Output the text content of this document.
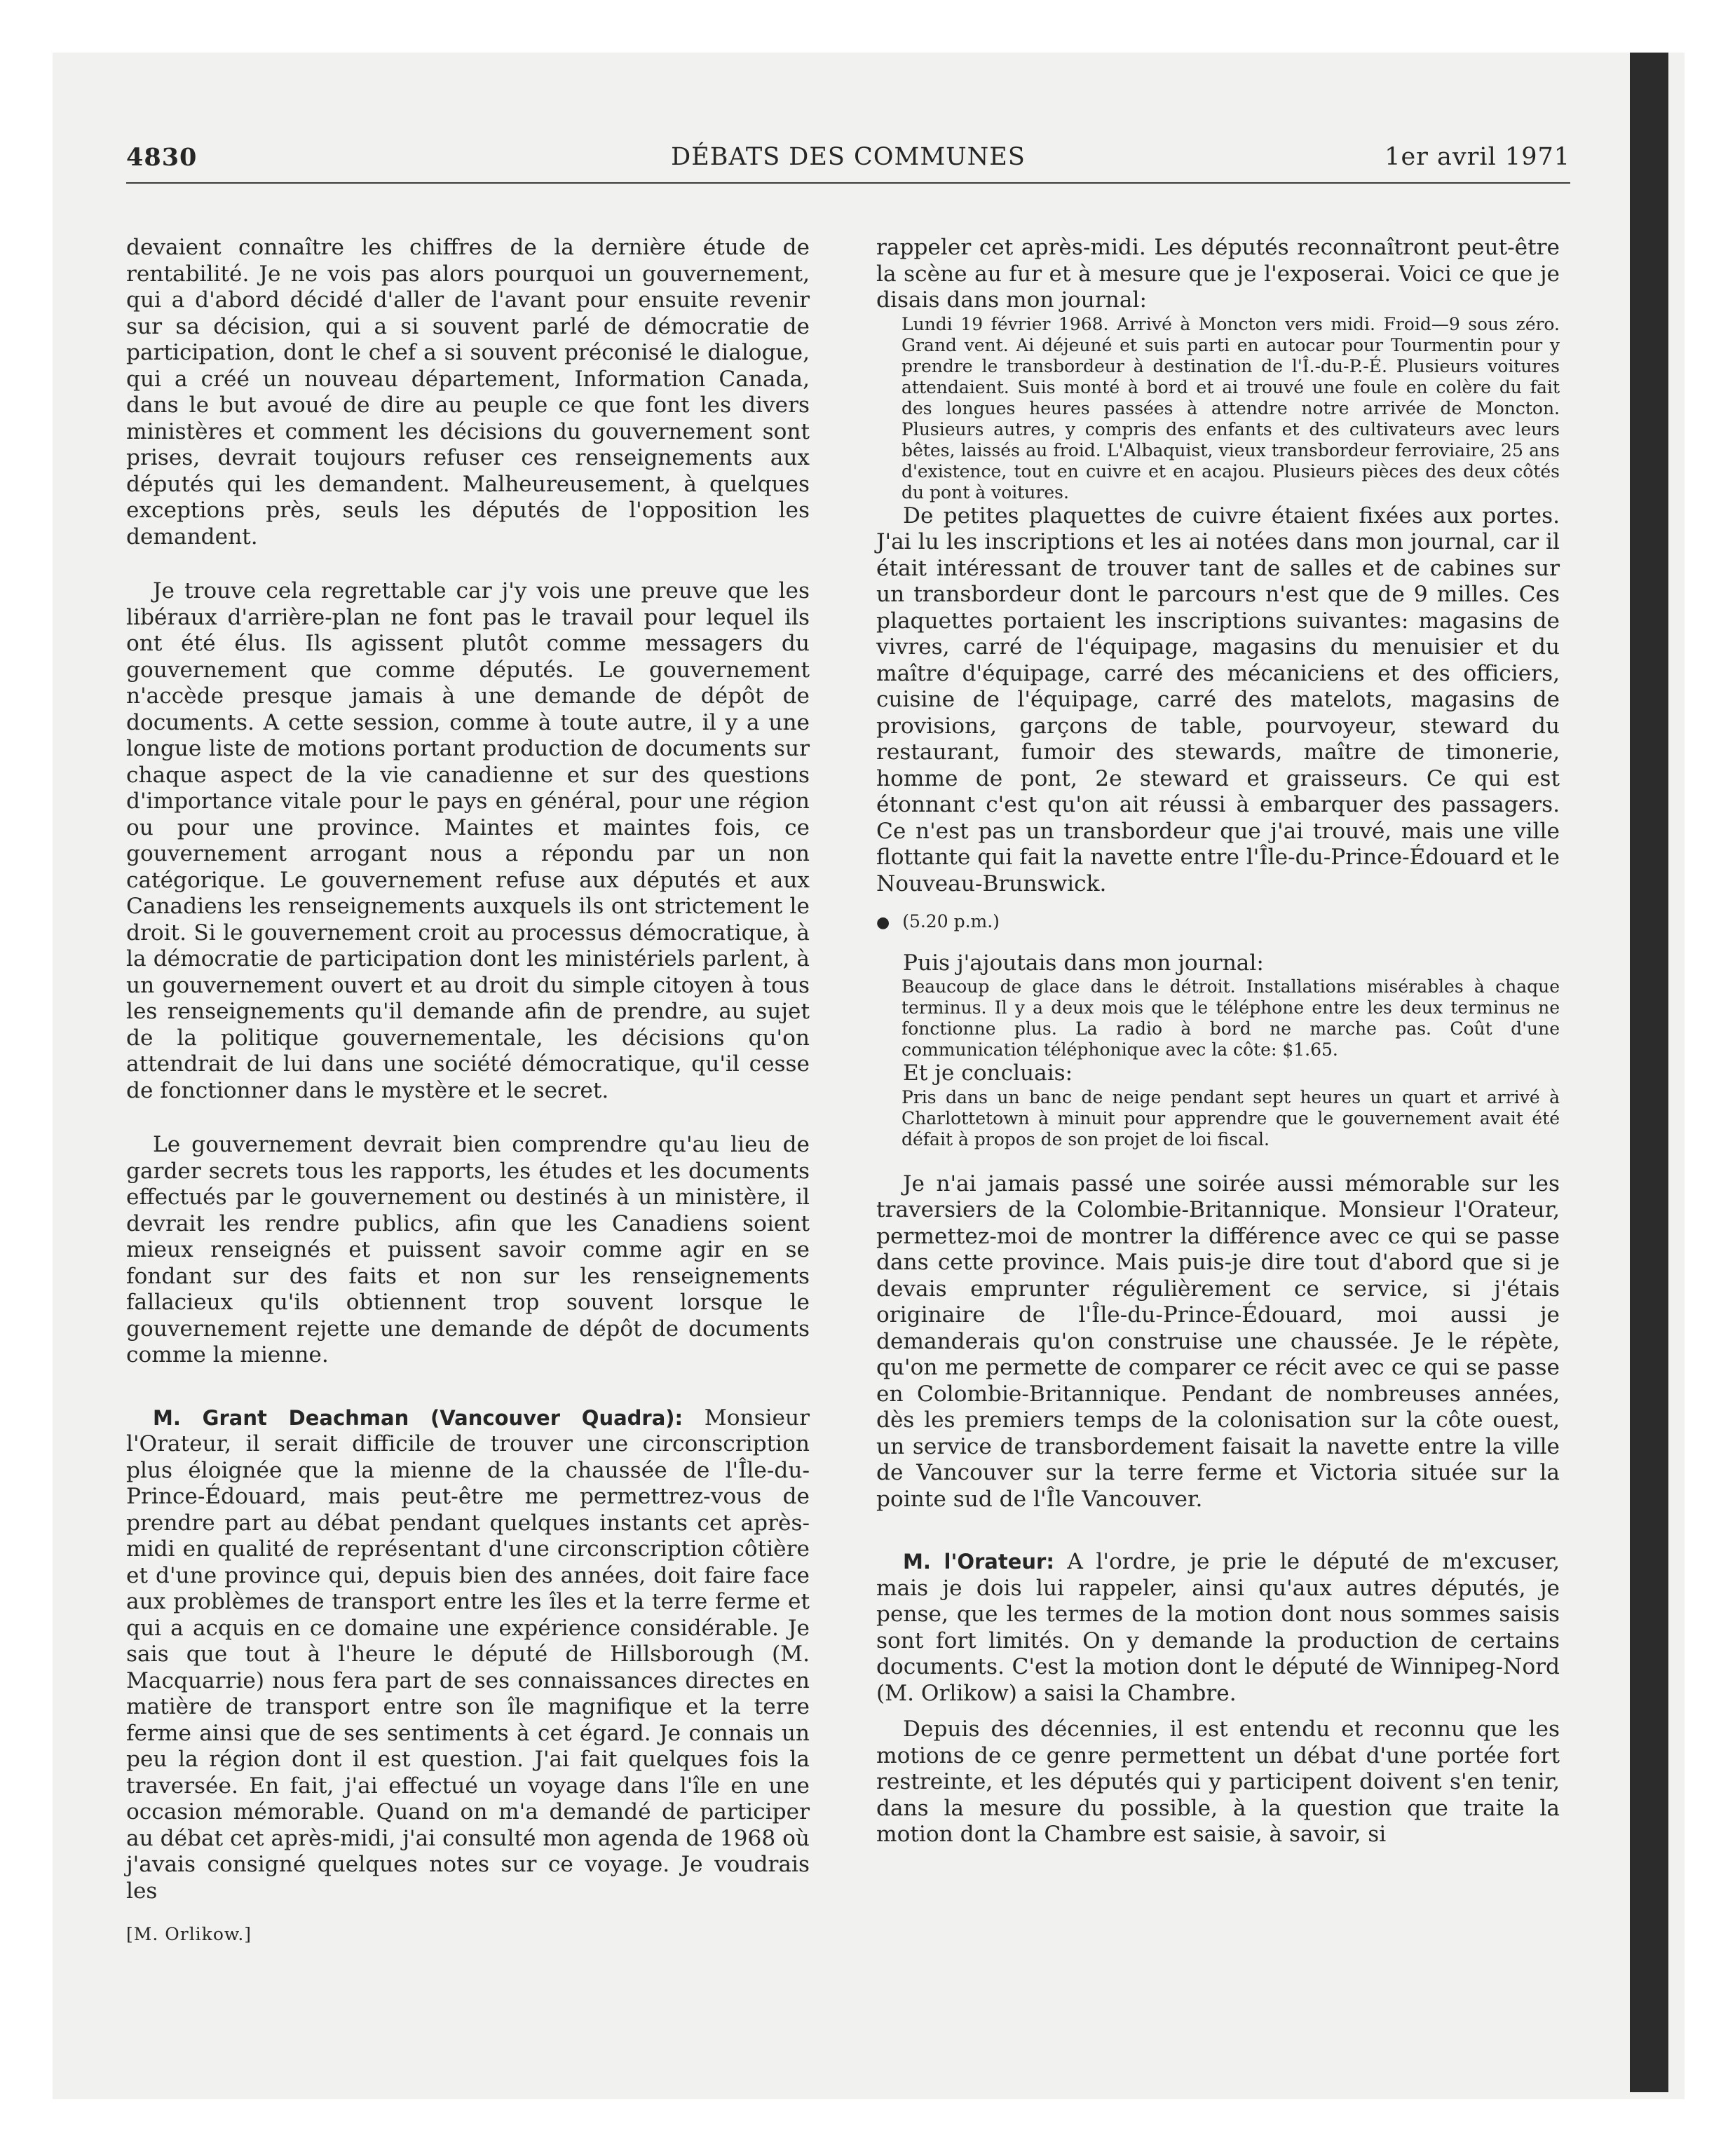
DÉBATS DES COMMUNES
4830	1er avril 1971

devaient connaître les chiffres de la dernière étude de rentabilité. Je ne vois pas alors pourquoi un gouvernement, qui a d'abord décidé d'aller de l'avant pour ensuite revenir sur sa décision, qui a si souvent parlé de démocratie de participation, dont le chef a si souvent préconisé le dialogue, qui a créé un nouveau département, Information Canada, dans le but avoué de dire au peuple ce que font les divers ministères et comment les décisions du gouvernement sont prises, devrait toujours refuser ces renseignements aux députés qui les demandent. Malheureusement, à quelques exceptions près, seuls les députés de l'opposition les demandent.

Je trouve cela regrettable car j'y vois une preuve que les libéraux d'arrière-plan ne font pas le travail pour lequel ils ont été élus. Ils agissent plutôt comme messagers du gouvernement que comme députés. Le gouvernement n'accède presque jamais à une demande de dépôt de documents. A cette session, comme à toute autre, il y a une longue liste de motions portant production de documents sur chaque aspect de la vie canadienne et sur des questions d'importance vitale pour le pays en général, pour une région ou pour une province. Maintes et maintes fois, ce gouvernement arrogant nous a répondu par un non catégorique. Le gouvernement refuse aux députés et aux Canadiens les renseignements auxquels ils ont strictement le droit. Si le gouvernement croit au processus démocratique, à la démocratie de participation dont les ministériels parlent, à un gouvernement ouvert et au droit du simple citoyen à tous les renseignements qu'il demande afin de prendre, au sujet de la politique gouvernementale, les décisions qu'on attendrait de lui dans une société démocratique, qu'il cesse de fonctionner dans le mystère et le secret.

Le gouvernement devrait bien comprendre qu'au lieu de garder secrets tous les rapports, les études et les documents effectués par le gouvernement ou destinés à un ministère, il devrait les rendre publics, afin que les Canadiens soient mieux renseignés et puissent savoir comme agir en se fondant sur des faits et non sur les renseignements fallacieux qu'ils obtiennent trop souvent lorsque le gouvernement rejette une demande de dépôt de documents comme la mienne.

M. Grant Deachman (Vancouver Quadra): Monsieur l'Orateur, il serait difficile de trouver une circonscription plus éloignée que la mienne de la chaussée de l'Île-du-Prince-Édouard, mais peut-être me permettrez-vous de prendre part au débat pendant quelques instants cet après-midi en qualité de représentant d'une circonscription côtière et d'une province qui, depuis bien des années, doit faire face aux problèmes de transport entre les îles et la terre ferme et qui a acquis en ce domaine une expérience considérable. Je sais que tout à l'heure le député de Hillsborough (M. Macquarrie) nous fera part de ses connaissances directes en matière de transport entre son île magnifique et la terre ferme ainsi que de ses sentiments à cet égard. Je connais un peu la région dont il est question. J'ai fait quelques fois la traversée. En fait, j'ai effectué un voyage dans l'île en une occasion mémorable. Quand on m'a demandé de participer au débat cet après-midi, j'ai consulté mon agenda de 1968 où j'avais consigné quelques notes sur ce voyage. Je voudrais les

[M. Orlikow.]

rappeler cet après-midi. Les députés reconnaîtront peut-être la scène au fur et à mesure que je l'exposerai. Voici ce que je disais dans mon journal:

Lundi 19 février 1968. Arrivé à Moncton vers midi. Froid—9 sous zéro. Grand vent. Ai déjeuné et suis parti en autocar pour Tourmentin pour y prendre le transbordeur à destination de l'Î.-du-P.-É. Plusieurs voitures attendaient. Suis monté à bord et ai trouvé une foule en colère du fait des longues heures passées à attendre notre arrivée de Moncton. Plusieurs autres, y compris des enfants et des cultivateurs avec leurs bêtes, laissés au froid. L'Albaquist, vieux transbordeur ferroviaire, 25 ans d'existence, tout en cuivre et en acajou. Plusieurs pièces des deux côtés du pont à voitures.

De petites plaquettes de cuivre étaient fixées aux portes. J'ai lu les inscriptions et les ai notées dans mon journal, car il était intéressant de trouver tant de salles et de cabines sur un transbordeur dont le parcours n'est que de 9 milles. Ces plaquettes portaient les inscriptions suivantes: magasins de vivres, carré de l'équipage, magasins du menuisier et du maître d'équipage, carré des mécaniciens et des officiers, cuisine de l'équipage, carré des matelots, magasins de provisions, garçons de table, pourvoyeur, steward du restaurant, fumoir des stewards, maître de timonerie, homme de pont, 2e steward et graisseurs. Ce qui est étonnant c'est qu'on ait réussi à embarquer des passagers. Ce n'est pas un transbordeur que j'ai trouvé, mais une ville flottante qui fait la navette entre l'Île-du-Prince-Édouard et le Nouveau-Brunswick.

● (5.20 p.m.)

Puis j'ajoutais dans mon journal:

Beaucoup de glace dans le détroit. Installations misérables à chaque terminus. Il y a deux mois que le téléphone entre les deux terminus ne fonctionne plus. La radio à bord ne marche pas. Coût d'une communication téléphonique avec la côte: $1.65.

Et je concluais:

Pris dans un banc de neige pendant sept heures un quart et arrivé à Charlottetown à minuit pour apprendre que le gouvernement avait été défait à propos de son projet de loi fiscal.

Je n'ai jamais passé une soirée aussi mémorable sur les traversiers de la Colombie-Britannique. Monsieur l'Orateur, permettez-moi de montrer la différence avec ce qui se passe dans cette province. Mais puis-je dire tout d'abord que si je devais emprunter régulièrement ce service, si j'étais originaire de l'Île-du-Prince-Édouard, moi aussi je demanderais qu'on construise une chaussée. Je le répète, qu'on me permette de comparer ce récit avec ce qui se passe en Colombie-Britannique. Pendant de nombreuses années, dès les premiers temps de la colonisation sur la côte ouest, un service de transbordement faisait la navette entre la ville de Vancouver sur la terre ferme et Victoria située sur la pointe sud de l'Île Vancouver.

M. l'Orateur: A l'ordre, je prie le député de m'excuser, mais je dois lui rappeler, ainsi qu'aux autres députés, je pense, que les termes de la motion dont nous sommes saisis sont fort limités. On y demande la production de certains documents. C'est la motion dont le député de Winnipeg-Nord (M. Orlikow) a saisi la Chambre.

Depuis des décennies, il est entendu et reconnu que les motions de ce genre permettent un débat d'une portée fort restreinte, et les députés qui y participent doivent s'en tenir, dans la mesure du possible, à la question que traite la motion dont la Chambre est saisie, à savoir, si
